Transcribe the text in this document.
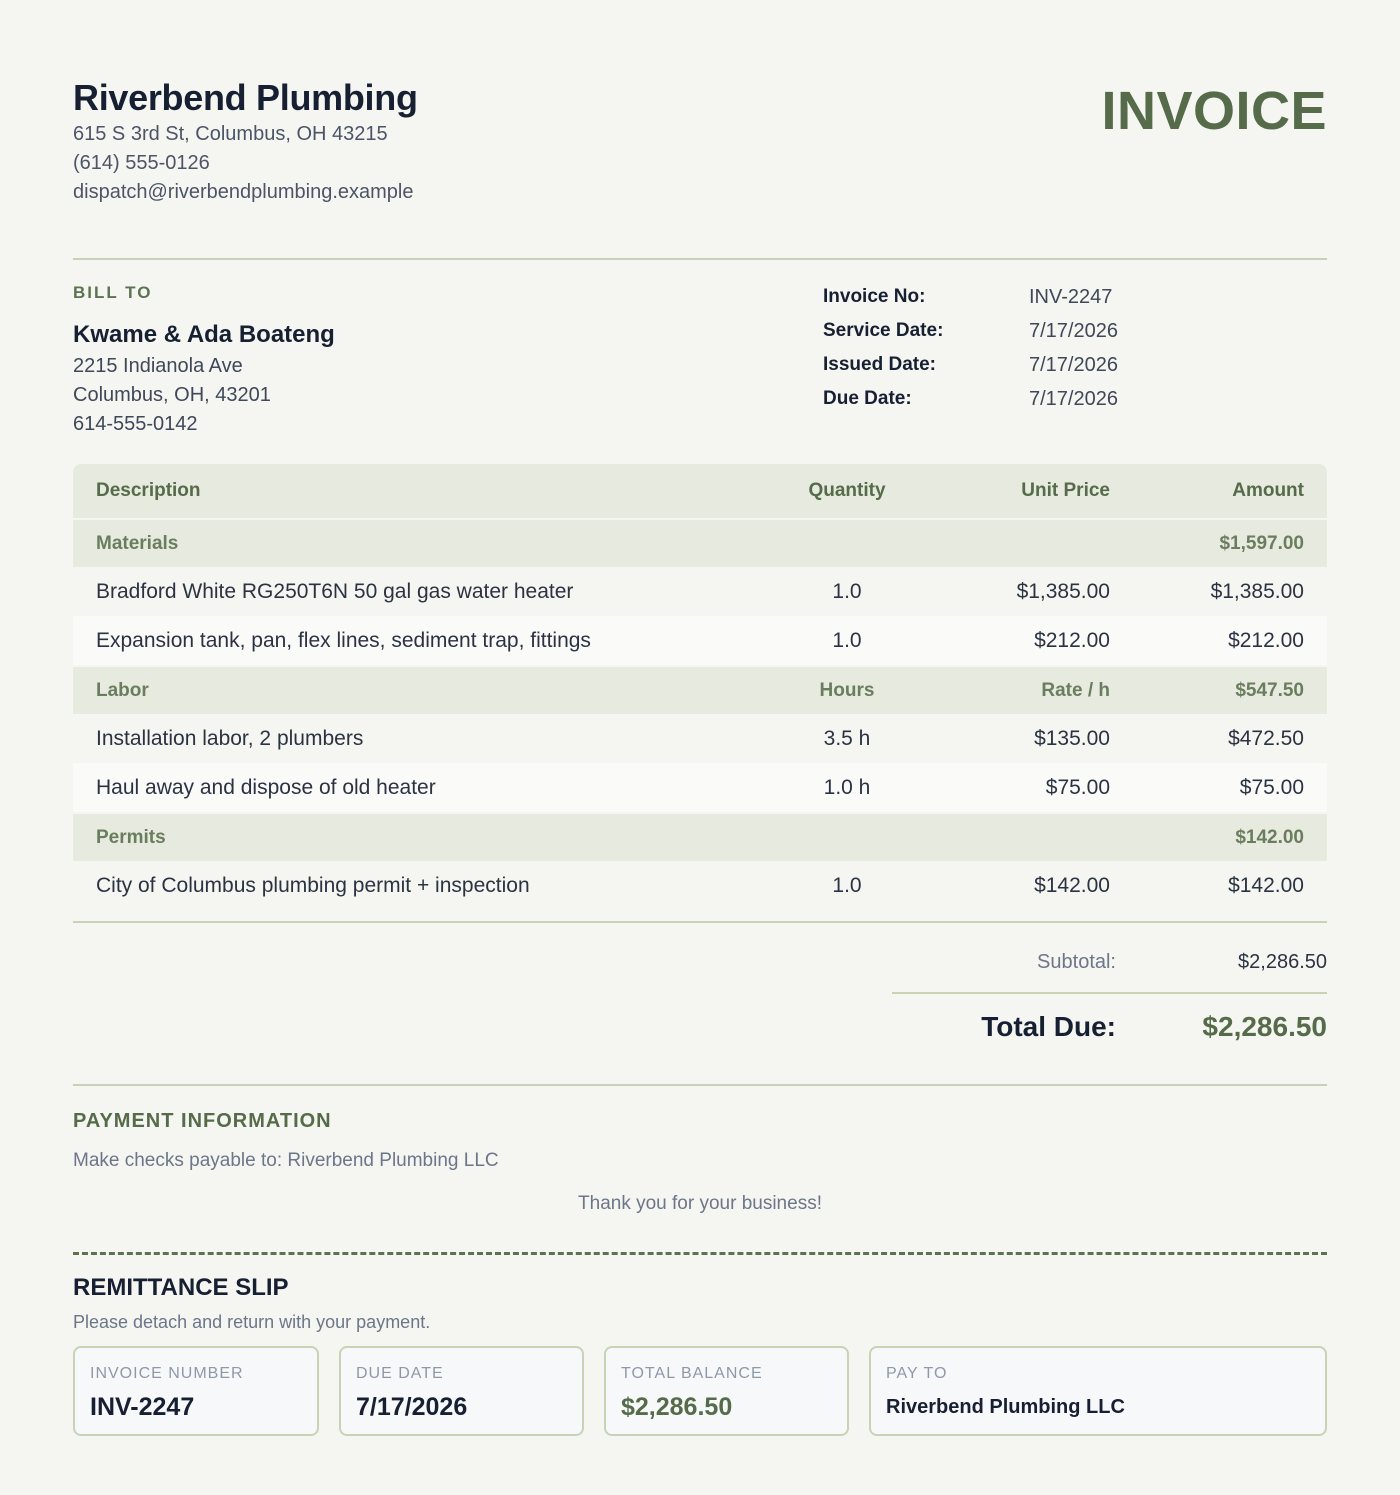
Riverbend Plumbing
615 S 3rd St, Columbus, OH 43215
(614) 555-0126
dispatch@riverbendplumbing.example
INVOICE
BILL TO
Kwame & Ada Boateng
2215 Indianola Ave
Columbus, OH, 43201
614-555-0142
Invoice No:	INV-2247
Service Date:	7/17/2026
Issued Date:	7/17/2026
Due Date:	7/17/2026
Description	Quantity	Unit Price	Amount
Materials	$1,597.00
Bradford White RG250T6N 50 gal gas water heater	1.0	$1,385.00	$1,385.00
Expansion tank, pan, flex lines, sediment trap, fittings	1.0	$212.00	$212.00
Labor	Hours	Rate / h	$547.50
Installation labor, 2 plumbers	3.5 h	$135.00	$472.50
Haul away and dispose of old heater	1.0 h	$75.00	$75.00
Permits	$142.00
City of Columbus plumbing permit + inspection	1.0	$142.00	$142.00
Subtotal:	$2,286.50
Total Due:	$2,286.50
PAYMENT INFORMATION
Make checks payable to: Riverbend Plumbing LLC
Thank you for your business!
REMITTANCE SLIP
Please detach and return with your payment.
INVOICE NUMBER
INV-2247
DUE DATE
7/17/2026
TOTAL BALANCE
$2,286.50
PAY TO
Riverbend Plumbing LLC
